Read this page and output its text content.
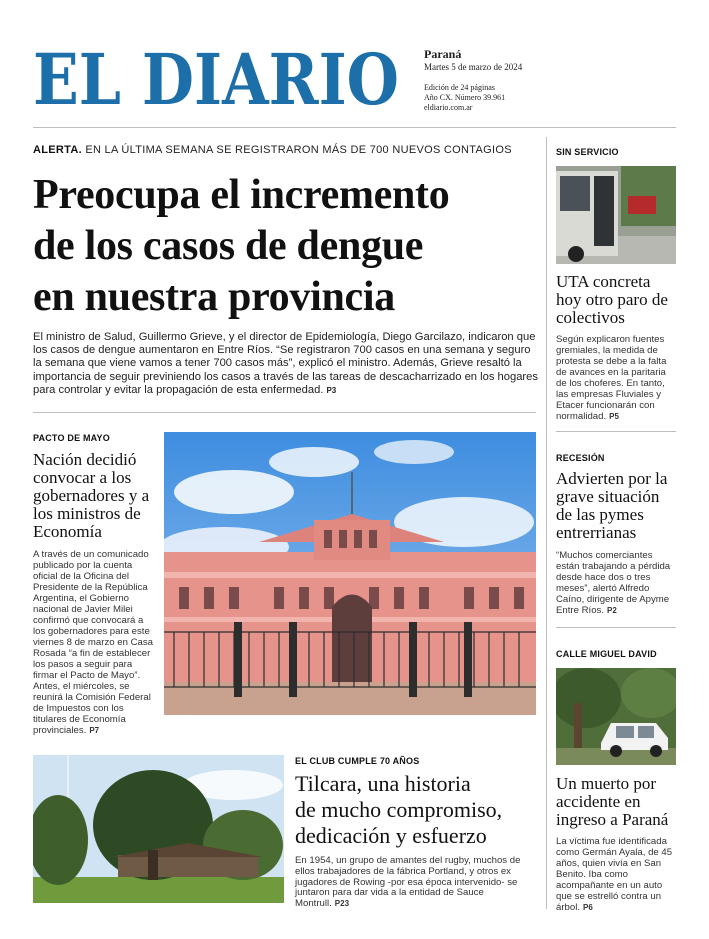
EL DIARIO Paraná
Martes 5 de marzo de 2024
Edición de 24 páginas
Año CX. Número 39.961
eldiario.com.ar
ALERTA. EN LA ÚLTIMA SEMANA SE REGISTRARON MÁS DE 700 NUEVOS CONTAGIOS
Preocupa el incremento
de los casos de dengue
en nuestra provincia
El ministro de Salud, Guillermo Grieve, y el director de Epidemiología, Diego Garcilazo, indicaron que los casos de dengue aumentaron en Entre Ríos. “Se registraron 700 casos en una semana y seguro la semana que viene vamos a tener 700 casos más”, explicó el ministro. Además, Grieve resaltó la importancia de seguir previniendo los casos a través de las tareas de descacharrizado en los hogares para controlar y evitar la propagación de esta enfermedad. P3
PACTO DE MAYO
Nación decidió convocar a los gobernadores y a los ministros de Economía
A través de un comunicado publicado por la cuenta oficial de la Oficina del Presidente de la República Argentina, el Gobierno nacional de Javier Milei confirmó que convocará a los gobernadores para este viernes 8 de marzo en Casa Rosada “a fin de establecer los pasos a seguir para firmar el Pacto de Mayo”. Antes, el miércoles, se reunirá la Comisión Federal de Impuestos con los titulares de Economía provinciales. P7
EL CLUB CUMPLE 70 AÑOS
Tilcara, una historia
de mucho compromiso,
dedicación y esfuerzo
En 1954, un grupo de amantes del rugby, muchos de ellos trabajadores de la fábrica Portland, y otros ex jugadores de Rowing -por esa época intervenido- se juntaron para dar vida a la entidad de Sauce Montrull. P23
SIN SERVICIO
UTA concreta hoy otro paro de colectivos
Según explicaron fuentes gremiales, la medida de protesta se debe a la falta de avances en la paritaria de los choferes. En tanto, las empresas Fluviales y Etacer funcionarán con normalidad. P5
RECESIÓN
Advierten por la grave situación de las pymes entrerrianas
“Muchos comerciantes están trabajando a pérdida desde hace dos o tres meses”, alertó Alfredo Caíno, dirigente de Apyme Entre Ríos. P2
CALLE MIGUEL DAVID
Un muerto por accidente en ingreso a Paraná
La víctima fue identificada como Germán Ayala, de 45 años, quien vivía en San Benito. Iba como acompañante en un auto que se estrelló contra un árbol. P6
